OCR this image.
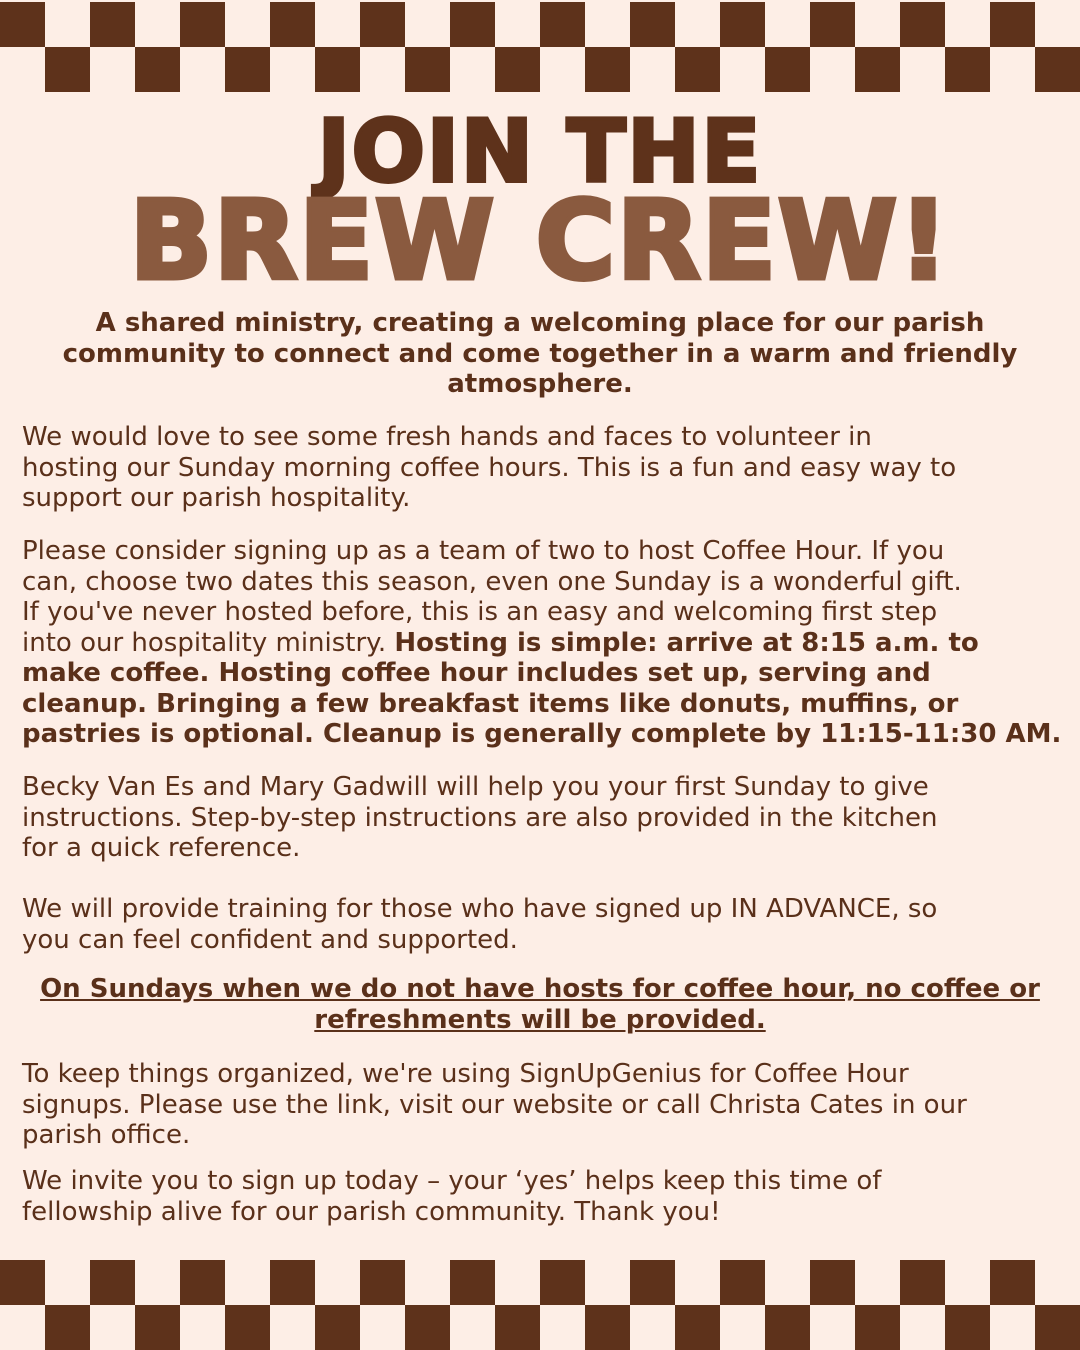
JOIN THE
BREW CREW!
A shared ministry, creating a welcoming place for our parish community to connect and come together in a warm and friendly atmosphere.
We would love to see some fresh hands and faces to volunteer in
hosting our Sunday morning coffee hours. This is a fun and easy way to
support our parish hospitality.
Please consider signing up as a team of two to host Coffee Hour. If you
can, choose two dates this season, even one Sunday is a wonderful gift.
If you've never hosted before, this is an easy and welcoming first step
into our hospitality ministry. Hosting is simple: arrive at 8:15 a.m. to
make coffee. Hosting coffee hour includes set up, serving and
cleanup. Bringing a few breakfast items like donuts, muffins, or
pastries is optional. Cleanup is generally complete by 11:15-11:30 AM.
Becky Van Es and Mary Gadwill will help you your first Sunday to give
instructions. Step-by-step instructions are also provided in the kitchen
for a quick reference.
We will provide training for those who have signed up IN ADVANCE, so
you can feel confident and supported.
On Sundays when we do not have hosts for coffee hour, no coffee or refreshments will be provided.
To keep things organized, we're using SignUpGenius for Coffee Hour
signups. Please use the link, visit our website or call Christa Cates in our
parish office.
We invite you to sign up today – your ‘yes’ helps keep this time of
fellowship alive for our parish community. Thank you!
